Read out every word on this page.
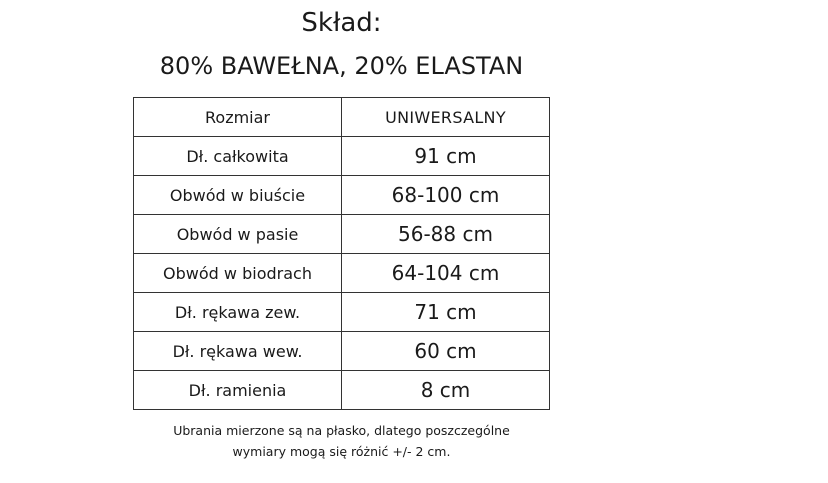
Skład:
80% BAWEŁNA, 20% ELASTAN
Rozmiar	UNIWERSALNY
Dł. całkowita	91 cm
Obwód w biuście	68-100 cm
Obwód w pasie	56-88 cm
Obwód w biodrach	64-104 cm
Dł. rękawa zew.	71 cm
Dł. rękawa wew.	60 cm
Dł. ramienia	8 cm
Ubrania mierzone są na płasko, dlatego poszczególne
wymiary mogą się różnić +/- 2 cm.
